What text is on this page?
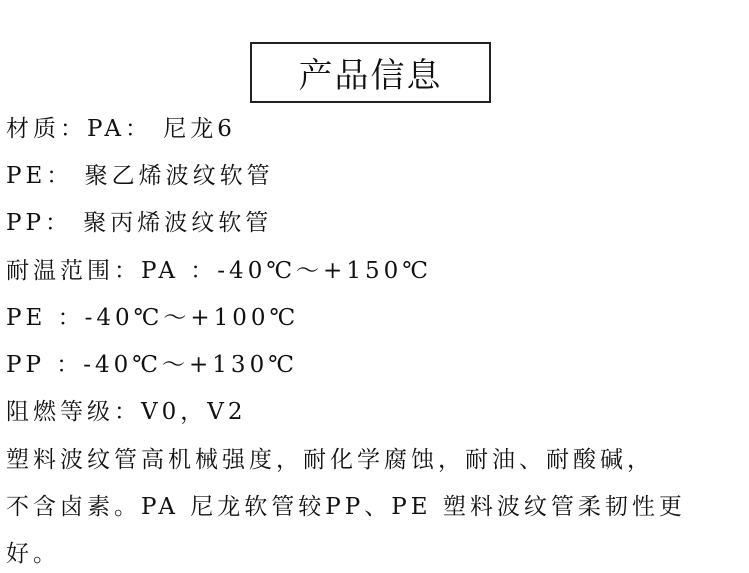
产品信息
材质：PA： 尼龙6
PE： 聚乙烯波纹软管
PP： 聚丙烯波纹软管
耐温范围：PA ：-40℃～+150℃
PE ：-40℃～+100℃
PP ：-40℃～+130℃
阻燃等级：V0，V2
塑料波纹管高机械强度，耐化学腐蚀，耐油、耐酸碱，
不含卤素。PA 尼龙软管较PP、PE 塑料波纹管柔韧性更
好。
